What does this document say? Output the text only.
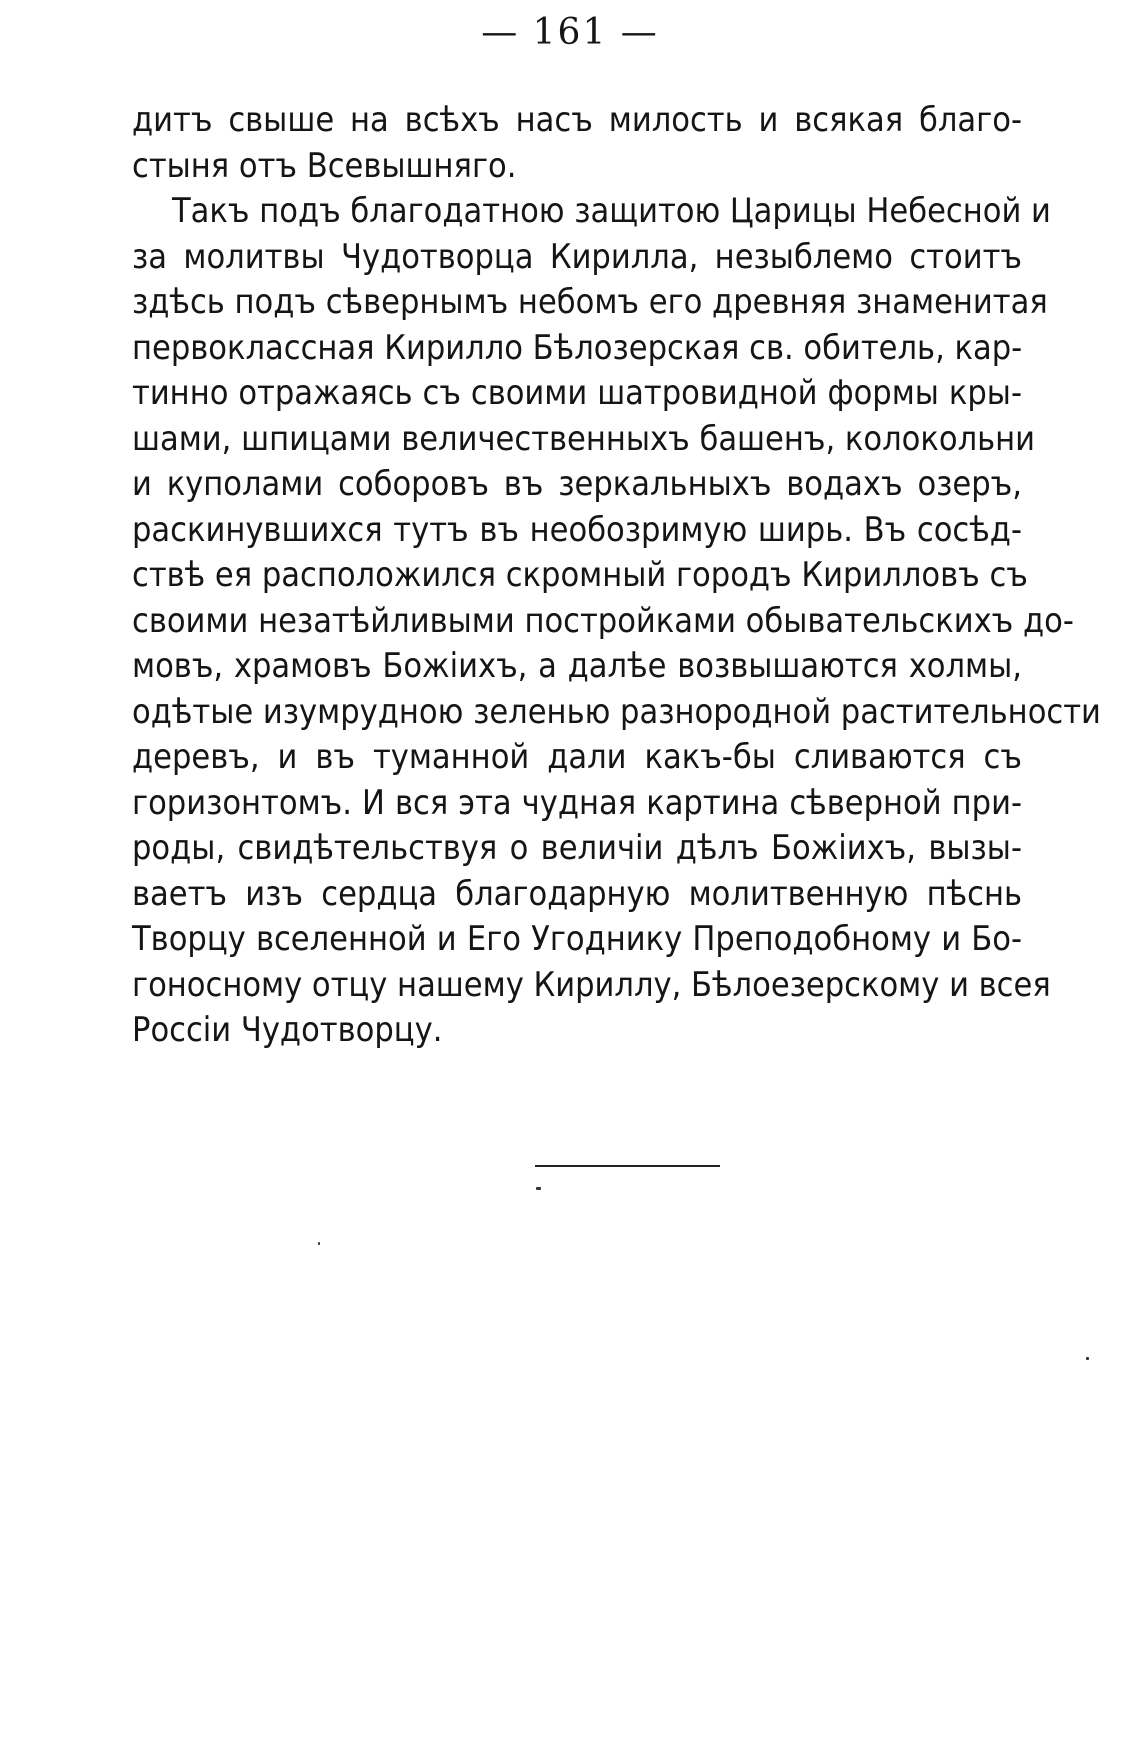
— 161 —
дитъ свыше на всѣхъ насъ милость и всякая благо-
стыня отъ Всевышняго.
Такъ подъ благодатною защитою Царицы Небесной и
за молитвы Чудотворца Кирилла, незыблемо стоитъ
здѣсь подъ сѣвернымъ небомъ его древняя знаменитая
первоклассная Кирилло Бѣлозерская св. обитель, кар-
тинно отражаясь съ своими шатровидной формы кры-
шами, шпицами величественныхъ башенъ, колокольни
и куполами соборовъ въ зеркальныхъ водахъ озеръ,
раскинувшихся тутъ въ необозримую ширь. Въ сосѣд-
ствѣ ея расположился скромный городъ Кирилловъ съ
своими незатѣйливыми постройками обывательскихъ до-
мовъ, храмовъ Божіихъ, а далѣе возвышаются холмы,
одѣтые изумрудною зеленью разнородной растительности
деревъ, и въ туманной дали какъ-бы сливаются съ
горизонтомъ. И вся эта чудная картина сѣверной при-
роды, свидѣтельствуя о величіи дѣлъ Божіихъ, вызы-
ваетъ изъ сердца благодарную молитвенную пѣснь
Творцу вселенной и Его Угоднику Преподобному и Бо-
гоносному отцу нашему Кириллу, Бѣлоезерскому и всея
Россіи Чудотворцу.
